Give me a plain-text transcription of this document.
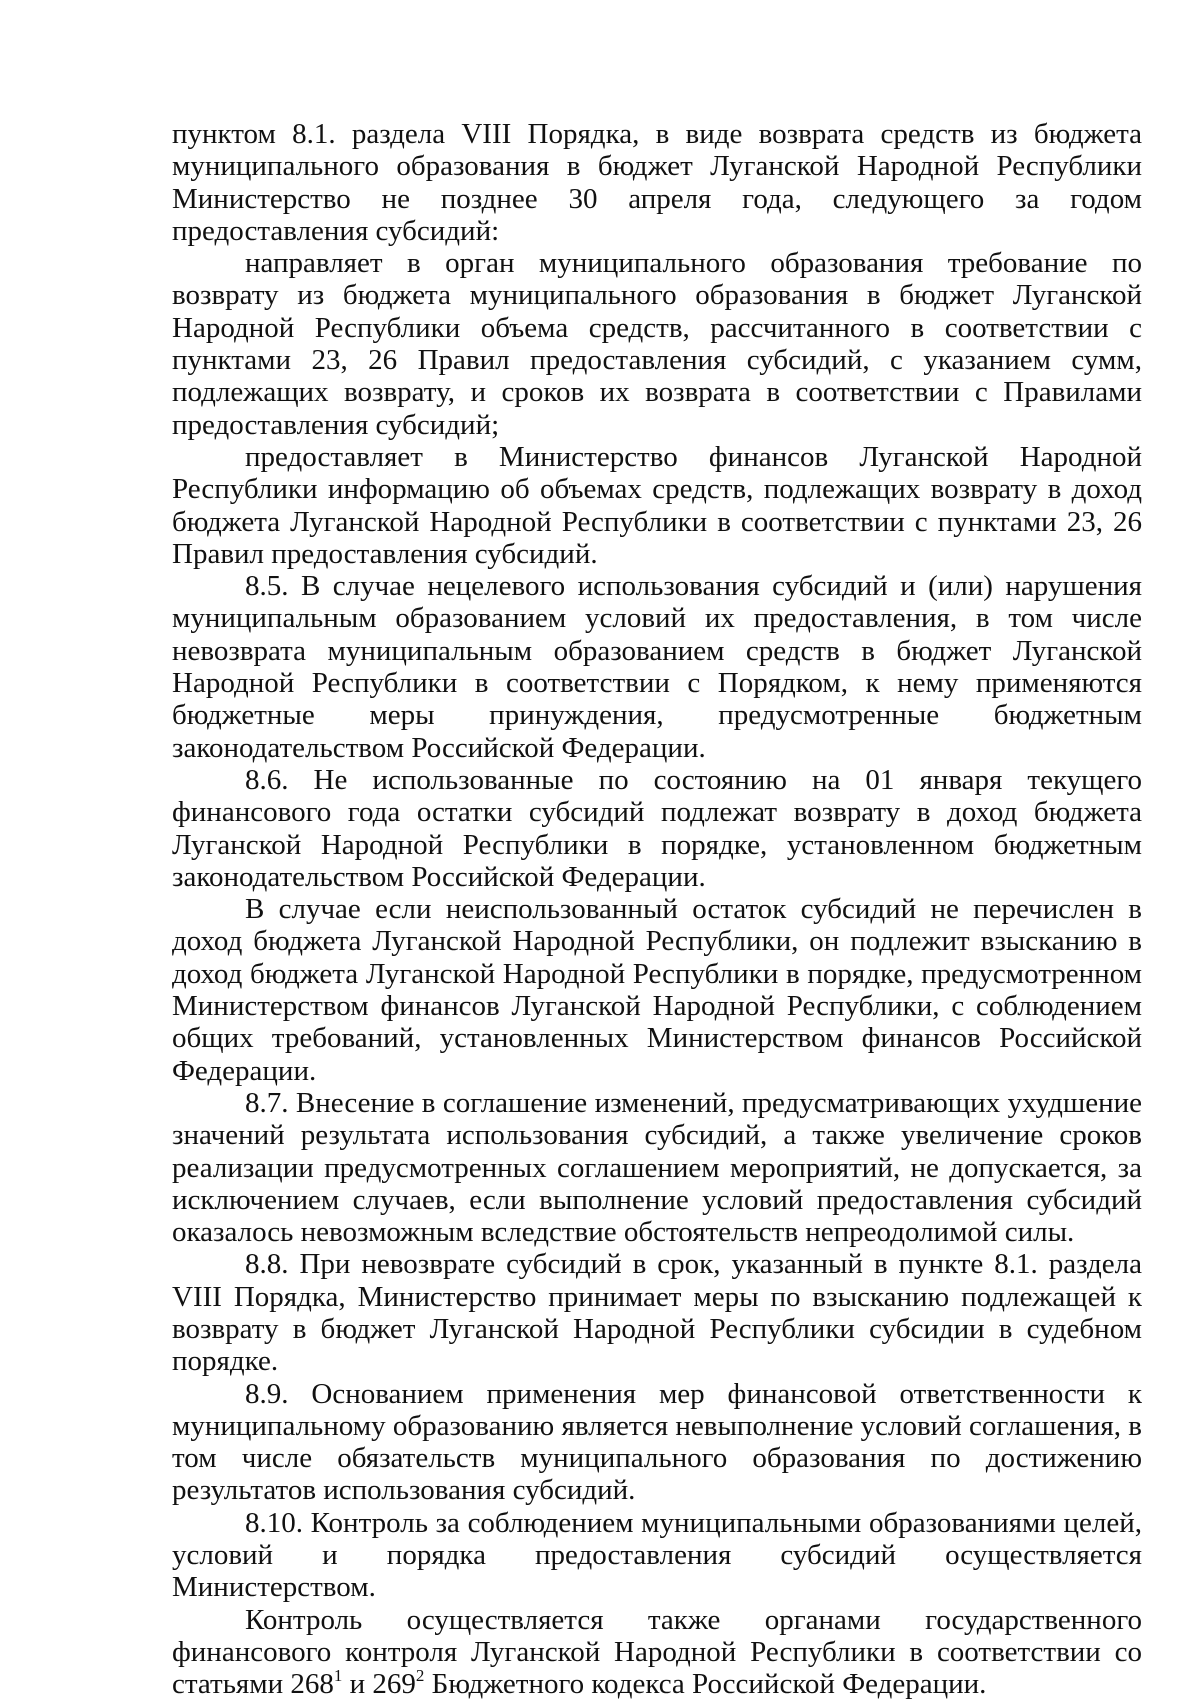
пунктом 8.1. раздела VIII Порядка, в виде возврата средств из бюджета муниципального образования в бюджет Луганской Народной Республики Министерство не позднее 30 апреля года, следующего за годом предоставления субсидий:

направляет в орган муниципального образования требование по возврату из бюджета муниципального образования в бюджет Луганской Народной Республики объема средств, рассчитанного в соответствии с пунктами 23, 26 Правил предоставления субсидий, с указанием сумм, подлежащих возврату, и сроков их возврата в соответствии с Правилами предоставления субсидий;

предоставляет в Министерство финансов Луганской Народной Республики информацию об объемах средств, подлежащих возврату в доход бюджета Луганской Народной Республики в соответствии с пунктами 23, 26 Правил предоставления субсидий.

8.5. В случае нецелевого использования субсидий и (или) нарушения муниципальным образованием условий их предоставления, в том числе невозврата муниципальным образованием средств в бюджет Луганской Народной Республики в соответствии с Порядком, к нему применяются бюджетные меры принуждения, предусмотренные бюджетным законодательством Российской Федерации.

8.6. Не использованные по состоянию на 01 января текущего финансового года остатки субсидий подлежат возврату в доход бюджета Луганской Народной Республики в порядке, установленном бюджетным законодательством Российской Федерации.

В случае если неиспользованный остаток субсидий не перечислен в доход бюджета Луганской Народной Республики, он подлежит взысканию в доход бюджета Луганской Народной Республики в порядке, предусмотренном Министерством финансов Луганской Народной Республики, с соблюдением общих требований, установленных Министерством финансов Российской Федерации.

8.7. Внесение в соглашение изменений, предусматривающих ухудшение значений результата использования субсидий, а также увеличение сроков реализации предусмотренных соглашением мероприятий, не допускается, за исключением случаев, если выполнение условий предоставления субсидий оказалось невозможным вследствие обстоятельств непреодолимой силы.

8.8. При невозврате субсидий в срок, указанный в пункте 8.1. раздела VIII Порядка, Министерство принимает меры по взысканию подлежащей к возврату в бюджет Луганской Народной Республики субсидии в судебном порядке.

8.9. Основанием применения мер финансовой ответственности к муниципальному образованию является невыполнение условий соглашения, в том числе обязательств муниципального образования по достижению результатов использования субсидий.

8.10. Контроль за соблюдением муниципальными образованиями целей, условий и порядка предоставления субсидий осуществляется Министерством.

Контроль осуществляется также органами государственного финансового контроля Луганской Народной Республики в соответствии со статьями $268^1$ и $269^2$ Бюджетного кодекса Российской Федерации.
